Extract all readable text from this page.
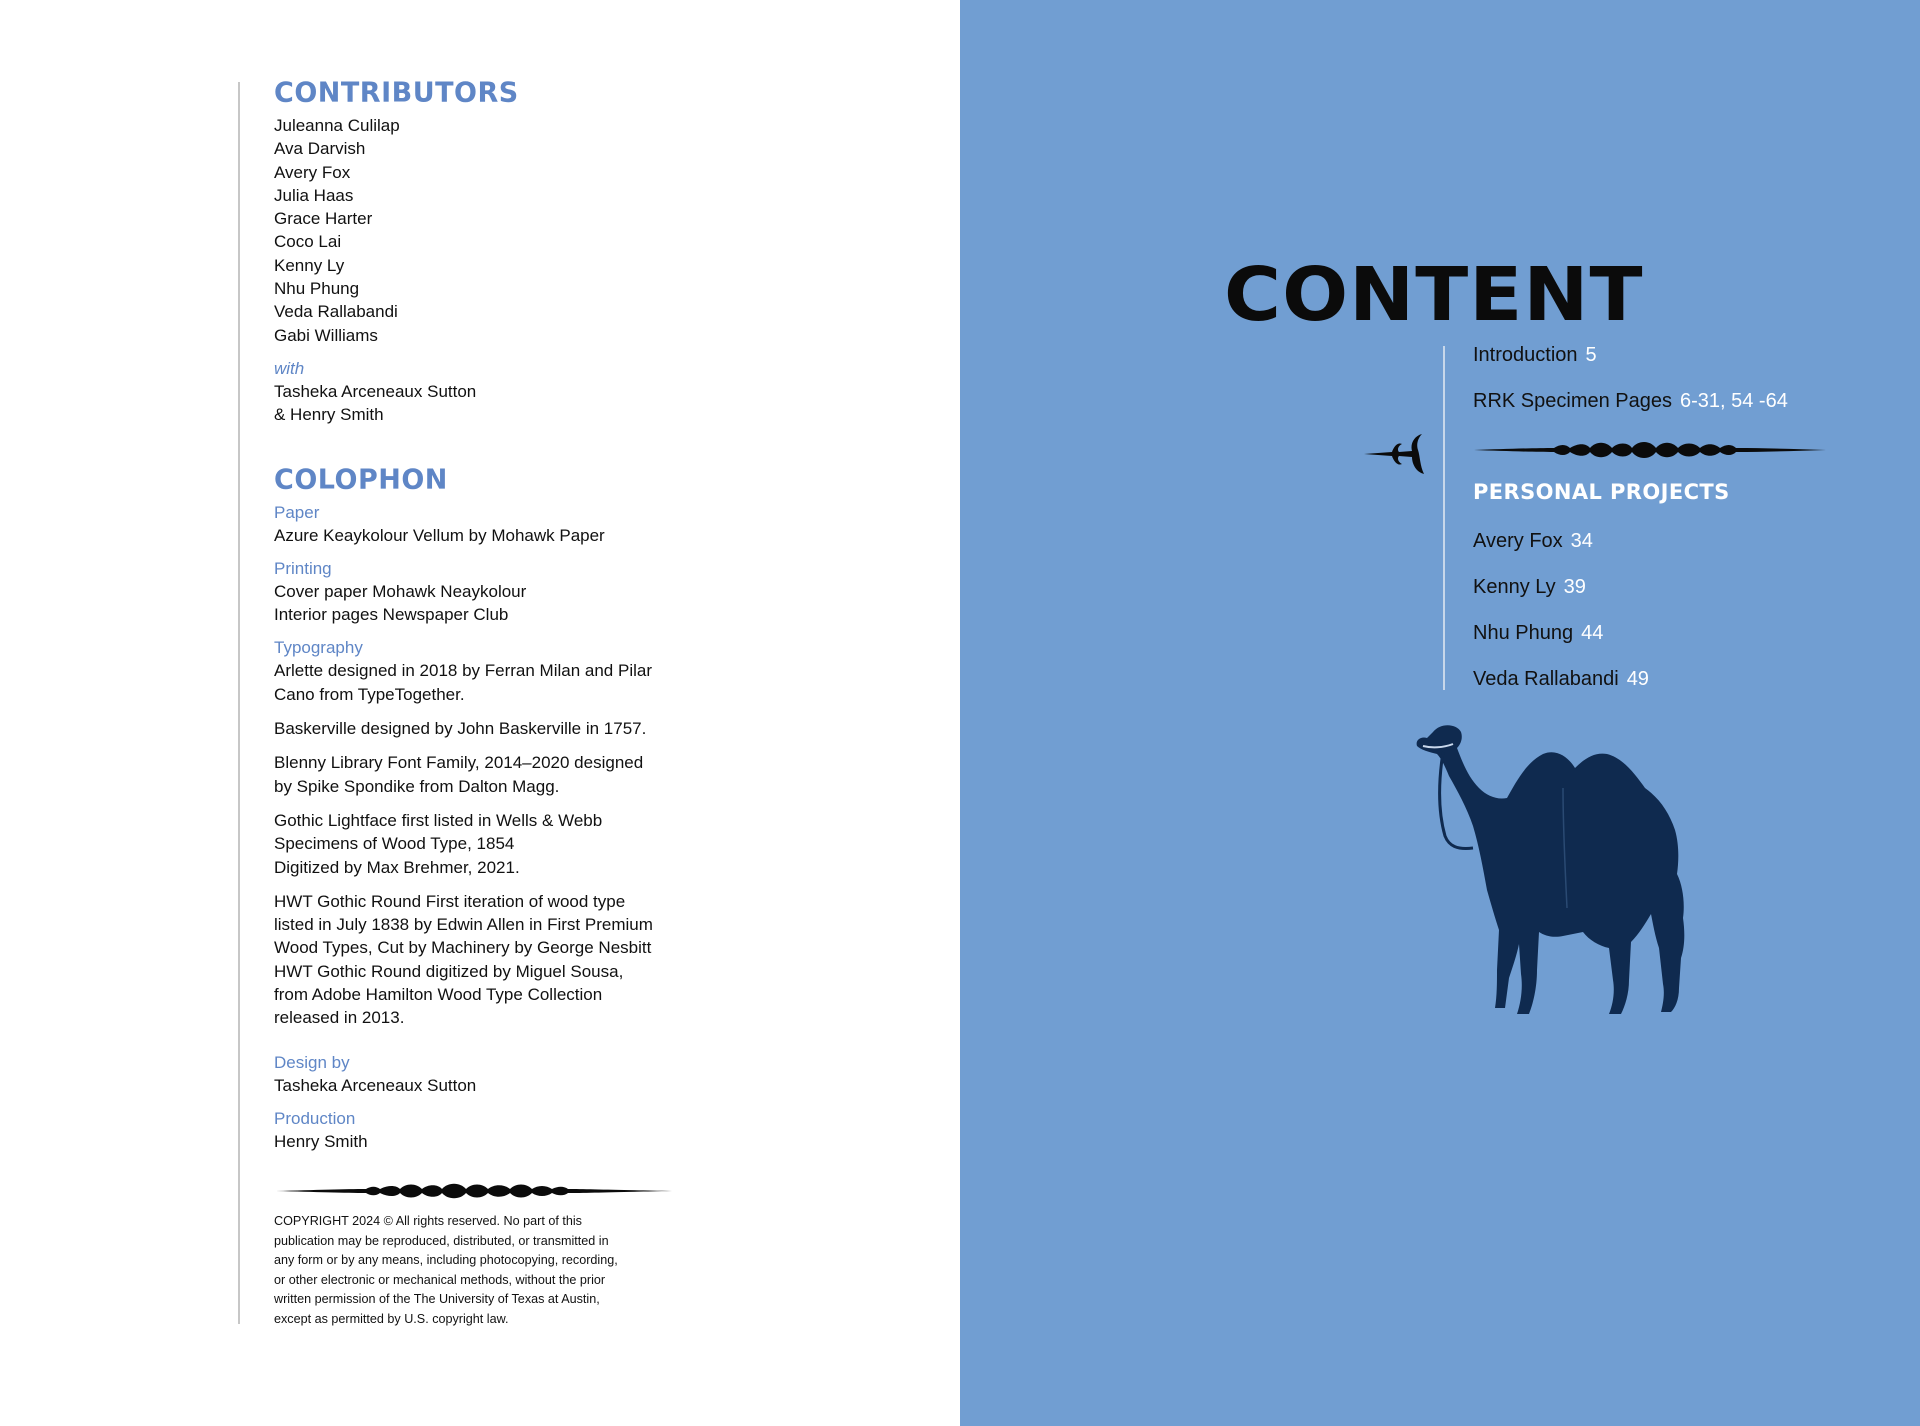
CONTRIBUTORS
Juleanna Culilap
Ava Darvish
Avery Fox
Julia Haas
Grace Harter
Coco Lai
Kenny Ly
Nhu Phung
Veda Rallabandi
Gabi Williams
with
Tasheka Arceneaux Sutton
& Henry Smith
COLOPHON
Paper
Azure Keaykolour Vellum by Mohawk Paper
Printing
Cover paper Mohawk Neaykolour
Interior pages Newspaper Club
Typography
Arlette designed in 2018 by Ferran Milan and Pilar
Cano from TypeTogether.
Baskerville designed by John Baskerville in 1757.
Blenny Library Font Family, 2014–2020 designed
by Spike Spondike from Dalton Magg.
Gothic Lightface first listed in Wells & Webb
Specimens of Wood Type, 1854
Digitized by Max Brehmer, 2021.
HWT Gothic Round First iteration of wood type
listed in July 1838 by Edwin Allen in First Premium
Wood Types, Cut by Machinery by George Nesbitt
HWT Gothic Round digitized by Miguel Sousa,
from Adobe Hamilton Wood Type Collection
released in 2013.
Design by
Tasheka Arceneaux Sutton
Production
Henry Smith
COPYRIGHT 2024 © All rights reserved. No part of this
publication may be reproduced, distributed, or transmitted in
any form or by any means, including photocopying, recording,
or other electronic or mechanical methods, without the prior
written permission of the The University of Texas at Austin,
except as permitted by U.S. copyright law.
CONTENT
Introduction 5
RRK Specimen Pages 6-31, 54 -64
PERSONAL PROJECTS
Avery Fox 34
Kenny Ly 39
Nhu Phung 44
Veda Rallabandi 49
